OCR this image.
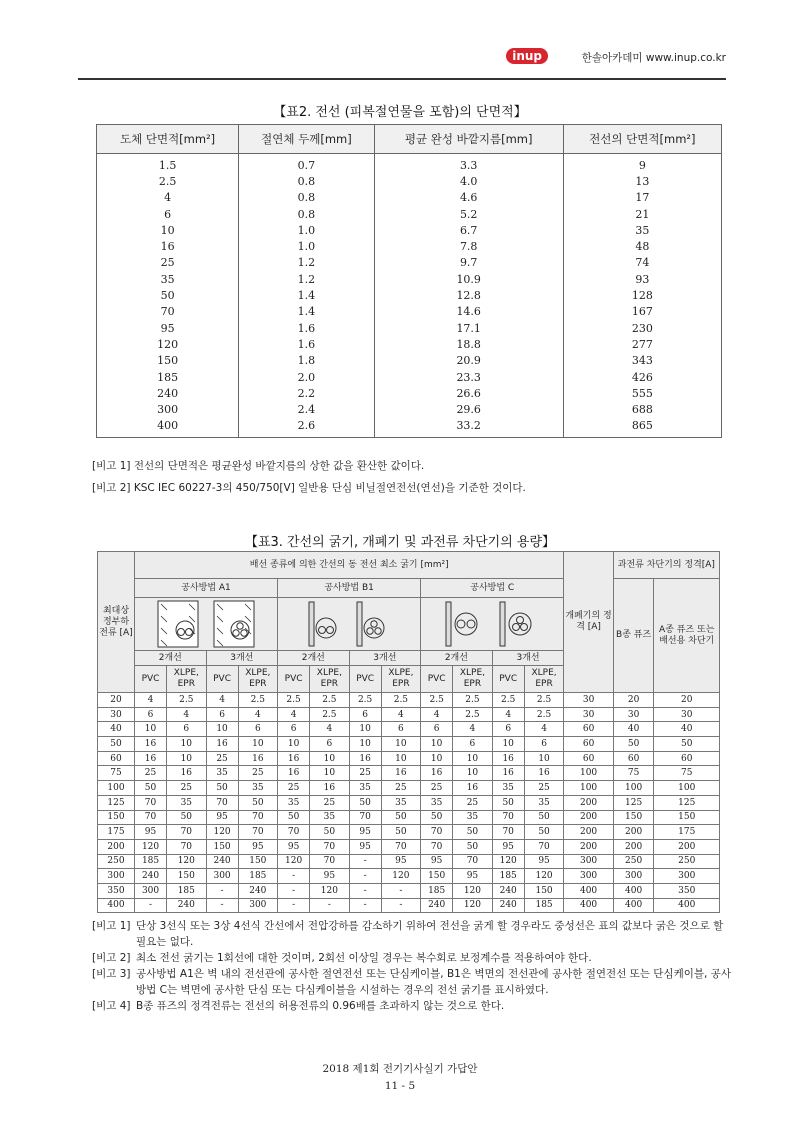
inup	한솔아카데미 www.inup.co.kr
【표2. 전선 (피복절연물을 포함)의 단면적】
도체 단면적[mm²]	절연체 두께[mm]	평균 완성 바깥지름[mm]	전선의 단면적[mm²]
1.5	0.7	3.3	9
2.5	0.8	4.0	13
4	0.8	4.6	17
6	0.8	5.2	21
10	1.0	6.7	35
16	1.0	7.8	48
25	1.2	9.7	74
35	1.2	10.9	93
50	1.4	12.8	128
70	1.4	14.6	167
95	1.6	17.1	230
120	1.6	18.8	277
150	1.8	20.9	343
185	2.0	23.3	426
240	2.2	26.6	555
300	2.4	29.6	688
400	2.6	33.2	865
[비고 1] 전선의 단면적은 평균완성 바깥지름의 상한 값을 환산한 값이다.
[비고 2] KSC IEC 60227-3의 450/750[V] 일반용 단심 비닐절연전선(연선)을 기준한 것이다.
【표3. 간선의 굵기, 개폐기 및 과전류 차단기의 용량】
최대상 정부하 전류 [A]	배선 종류에 의한 간선의 동 전선 최소 굵기 [mm²]												개폐기의 정격 [A]	과전류 차단기의 정격[A]	
	공사방법 A1				공사방법 B1				공사방법 C					B종 퓨즈	A종 퓨즈 또는 배선용 차단기

	2개선		3개선		2개선		3개선		2개선		3개선				
	PVC	XLPE, EPR	PVC	XLPE, EPR	PVC	XLPE, EPR	PVC	XLPE, EPR	PVC	XLPE, EPR	PVC	XLPE, EPR			
20	4	2.5	4	2.5	2.5	2.5	2.5	2.5	2.5	2.5	2.5	2.5	30	20	20
30	6	4	6	4	4	2.5	6	4	4	2.5	4	2.5	30	30	30
40	10	6	10	6	6	4	10	6	6	4	6	4	60	40	40
50	16	10	16	10	10	6	10	10	10	6	10	6	60	50	50
60	16	10	25	16	16	10	16	10	10	10	16	10	60	60	60
75	25	16	35	25	16	10	25	16	16	10	16	16	100	75	75
100	50	25	50	35	25	16	35	25	25	16	35	25	100	100	100
125	70	35	70	50	35	25	50	35	35	25	50	35	200	125	125
150	70	50	95	70	50	35	70	50	50	35	70	50	200	150	150
175	95	70	120	70	70	50	95	50	70	50	70	50	200	200	175
200	120	70	150	95	95	70	95	70	70	50	95	70	200	200	200
250	185	120	240	150	120	70	-	95	95	70	120	95	300	250	250
300	240	150	300	185	-	95	-	120	150	95	185	120	300	300	300
350	300	185	-	240	-	120	-	-	185	120	240	150	400	400	350
400	-	240	-	300	-	-	-	-	240	120	240	185	400	400	400
[비고 1] 단상 3선식 또는 3상 4선식 간선에서 전압강하를 감소하기 위하여 전선을 굵게 할 경우라도 중성선은 표의 값보다 굵은 것으로 할 필요는 없다.
[비고 2] 최소 전선 굵기는 1회선에 대한 것이며, 2회선 이상일 경우는 복수회로 보정계수를 적용하여야 한다.
[비고 3] 공사방법 A1은 벽 내의 전선관에 공사한 절연전선 또는 단심케이블, B1은 벽면의 전선관에 공사한 절연전선 또는 단심케이블, 공사방법 C는 벽면에 공사한 단심 또는 다심케이블을 시설하는 경우의 전선 굵기를 표시하였다.
[비고 4] B종 퓨즈의 정격전류는 전선의 허용전류의 0.96배를 초과하지 않는 것으로 한다.
2018 제1회 전기기사실기 가답안
11 - 5
